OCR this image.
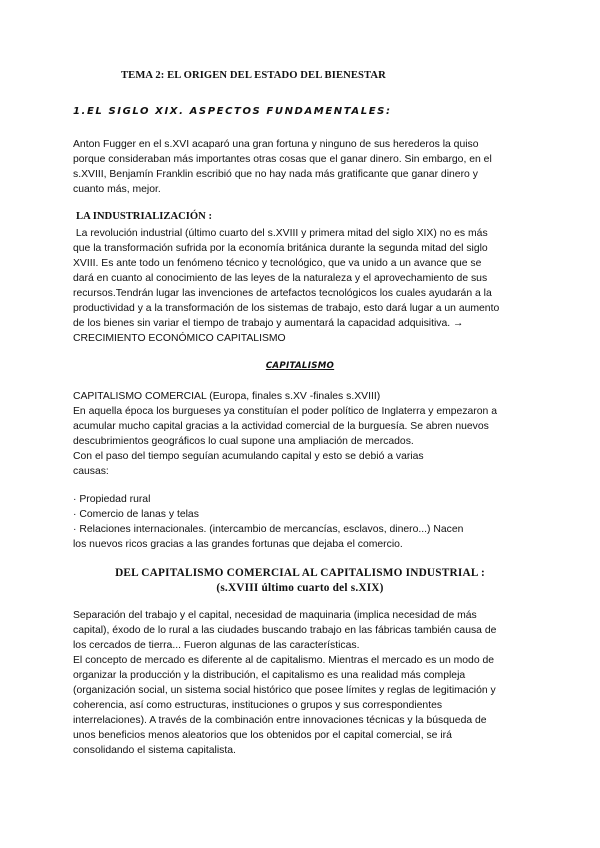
TEMA 2: EL ORIGEN DEL ESTADO DEL BIENESTAR
1.EL SIGLO XIX. ASPECTOS FUNDAMENTALES:
Anton Fugger en el s.XVI acaparó una gran fortuna y ninguno de sus herederos la quiso
porque consideraban más importantes otras cosas que el ganar dinero. Sin embargo, en el
s.XVIII, Benjamín Franklin escribió que no hay nada más gratificante que ganar dinero y
cuanto más, mejor.
LA INDUSTRIALIZACIÓN :
La revolución industrial (último cuarto del s.XVIII y primera mitad del siglo XIX) no es más
que la transformación sufrida por la economía británica durante la segunda mitad del siglo
XVIII. Es ante todo un fenómeno técnico y tecnológico, que va unido a un avance que se
dará en cuanto al conocimiento de las leyes de la naturaleza y el aprovechamiento de sus
recursos.Tendrán lugar las invenciones de artefactos tecnológicos los cuales ayudarán a la
productividad y a la transformación de los sistemas de trabajo, esto dará lugar a un aumento
de los bienes sin variar el tiempo de trabajo y aumentará la capacidad adquisitiva. →
CRECIMIENTO ECONÓMICO CAPITALISMO
CAPITALISMO
CAPITALISMO COMERCIAL (Europa, finales s.XV -finales s.XVIII)
En aquella época los burgueses ya constituían el poder político de Inglaterra y empezaron a
acumular mucho capital gracias a la actividad comercial de la burguesía. Se abren nuevos
descubrimientos geográficos lo cual supone una ampliación de mercados.
Con el paso del tiempo seguían acumulando capital y esto se debió a varias
causas:
· Propiedad rural
· Comercio de lanas y telas
· Relaciones internacionales. (intercambio de mercancías, esclavos, dinero...) Nacen
los nuevos ricos gracias a las grandes fortunas que dejaba el comercio.
DEL CAPITALISMO COMERCIAL AL CAPITALISMO INDUSTRIAL :
(s.XVIII último cuarto del s.XIX)
Separación del trabajo y el capital, necesidad de maquinaria (implica necesidad de más
capital), éxodo de lo rural a las ciudades buscando trabajo en las fábricas también causa de
los cercados de tierra... Fueron algunas de las características.
El concepto de mercado es diferente al de capitalismo. Mientras el mercado es un modo de
organizar la producción y la distribución, el capitalismo es una realidad más compleja
(organización social, un sistema social histórico que posee límites y reglas de legitimación y
coherencia, así como estructuras, instituciones o grupos y sus correspondientes
interrelaciones). A través de la combinación entre innovaciones técnicas y la búsqueda de
unos beneficios menos aleatorios que los obtenidos por el capital comercial, se irá
consolidando el sistema capitalista.
